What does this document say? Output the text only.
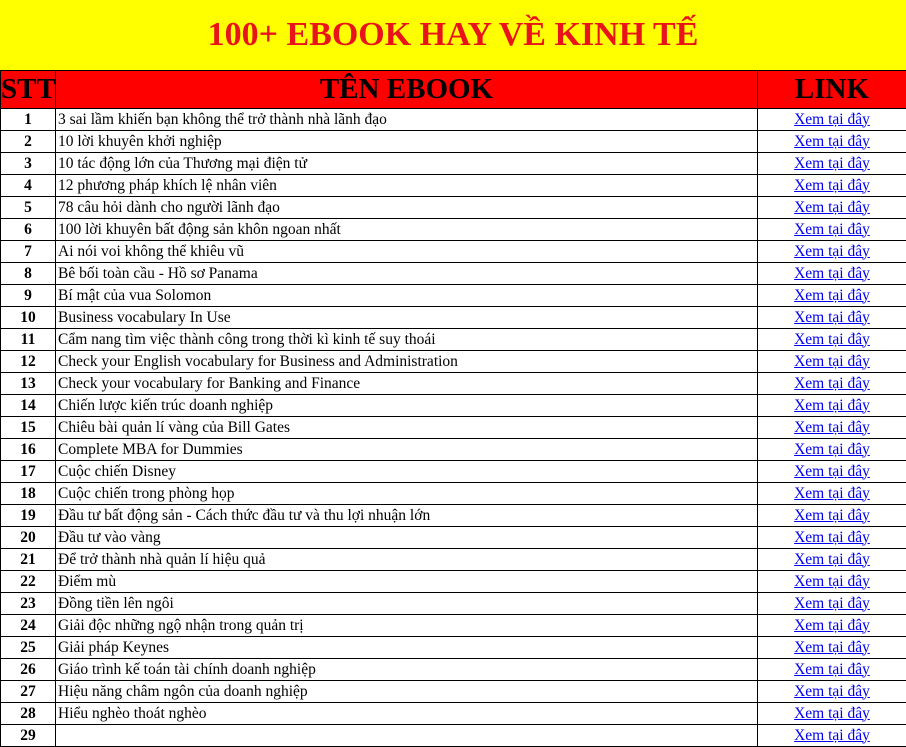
100+ EBOOK HAY VỀ KINH TẾ
STT	TÊN EBOOK	LINK
1	3 sai lầm khiến bạn không thể trở thành nhà lãnh đạo	Xem tại đây
2	10 lời khuyên khởi nghiệp	Xem tại đây
3	10 tác động lớn của Thương mại điện tử	Xem tại đây
4	12 phương pháp khích lệ nhân viên	Xem tại đây
5	78 câu hỏi dành cho người lãnh đạo	Xem tại đây
6	100 lời khuyên bất động sản khôn ngoan nhất	Xem tại đây
7	Ai nói voi không thể khiêu vũ	Xem tại đây
8	Bê bối toàn cầu - Hồ sơ Panama	Xem tại đây
9	Bí mật của vua Solomon	Xem tại đây
10	Business vocabulary In Use	Xem tại đây
11	Cẩm nang tìm việc thành công trong thời kì kinh tế suy thoái	Xem tại đây
12	Check your English vocabulary for Business and Administration	Xem tại đây
13	Check your vocabulary for Banking and Finance	Xem tại đây
14	Chiến lược kiến trúc doanh nghiệp	Xem tại đây
15	Chiêu bài quản lí vàng của Bill Gates	Xem tại đây
16	Complete MBA for Dummies	Xem tại đây
17	Cuộc chiến Disney	Xem tại đây
18	Cuộc chiến trong phòng họp	Xem tại đây
19	Đầu tư bất động sản - Cách thức đầu tư và thu lợi nhuận lớn	Xem tại đây
20	Đầu tư vào vàng	Xem tại đây
21	Để trở thành nhà quản lí hiệu quả	Xem tại đây
22	Điểm mù	Xem tại đây
23	Đồng tiền lên ngôi	Xem tại đây
24	Giải độc những ngộ nhận trong quản trị	Xem tại đây
25	Giải pháp Keynes	Xem tại đây
26	Giáo trình kế toán tài chính doanh nghiệp	Xem tại đây
27	Hiệu năng châm ngôn của doanh nghiệp	Xem tại đây
28	Hiểu nghèo thoát nghèo	Xem tại đây
29		Xem tại đây
